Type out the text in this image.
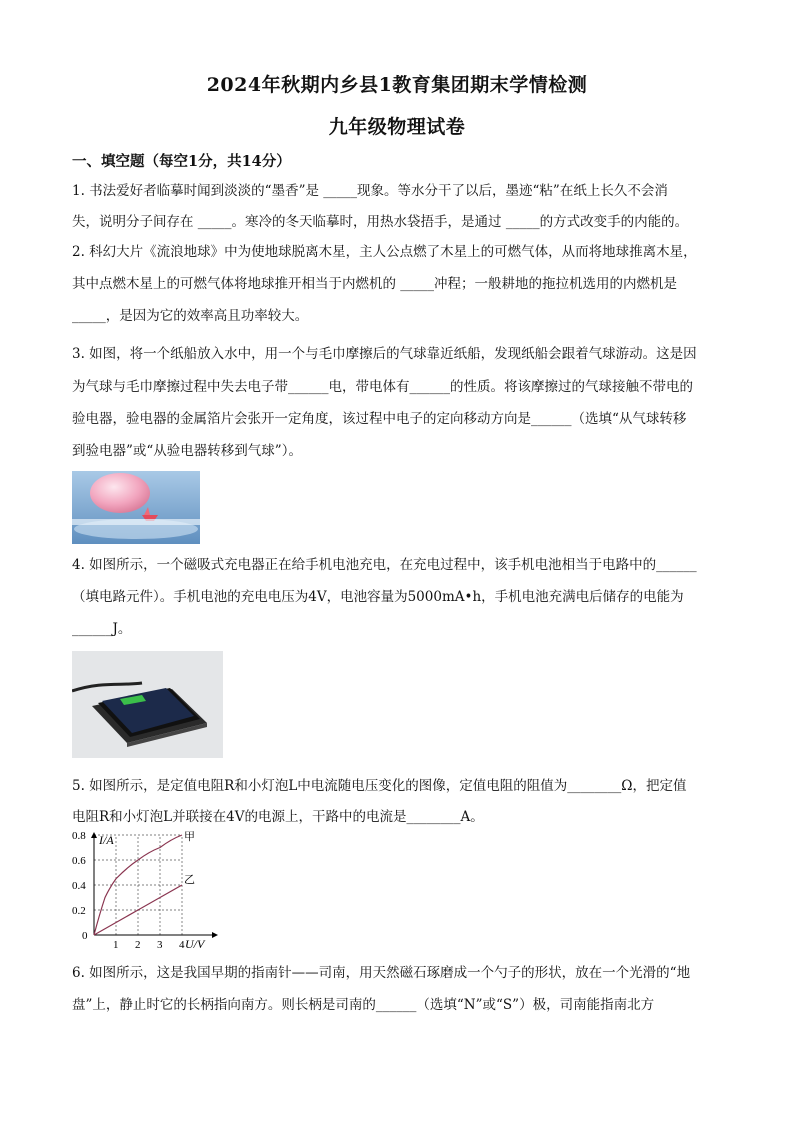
2024年秋期内乡县1教育集团期末学情检测
九年级物理试卷
一、填空题（每空1分，共14分）
1. 书法爱好者临摹时闻到淡淡的“墨香”是 _____现象。等水分干了以后，墨迹“粘”在纸上长久不会消
失，说明分子间存在 _____。寒冷的冬天临摹时，用热水袋捂手，是通过 _____的方式改变手的内能的。
2. 科幻大片《流浪地球》中为使地球脱离木星，主人公点燃了木星上的可燃气体，从而将地球推离木星，
其中点燃木星上的可燃气体将地球推开相当于内燃机的 _____冲程；一般耕地的拖拉机选用的内燃机是
_____，是因为它的效率高且功率较大。
3. 如图，将一个纸船放入水中，用一个与毛巾摩擦后的气球靠近纸船，发现纸船会跟着气球游动。这是因
为气球与毛巾摩擦过程中失去电子带______电，带电体有______的性质。将该摩擦过的气球接触不带电的
验电器，验电器的金属箔片会张开一定角度，该过程中电子的定向移动方向是______（选填“从气球转移
到验电器”或“从验电器转移到气球”）。
4. 如图所示，一个磁吸式充电器正在给手机电池充电，在充电过程中，该手机电池相当于电路中的______
（填电路元件）。手机电池的充电电压为4V，电池容量为5000mA•h，手机电池充满电后储存的电能为
______J。
5. 如图所示，是定值电阻R和小灯泡L中电流随电压变化的图像，定值电阻的阻值为________Ω，把定值
电阻R和小灯泡L并联接在4V的电源上，干路中的电流是________A。
I/A
U/V
0
0.8
0.6
0.4
0.2
1 2 3 4
甲
乙
6. 如图所示，这是我国早期的指南针——司南，用天然磁石琢磨成一个勺子的形状，放在一个光滑的“地
盘”上，静止时它的长柄指向南方。则长柄是司南的______（选填“N”或“S”）极，司南能指南北方
